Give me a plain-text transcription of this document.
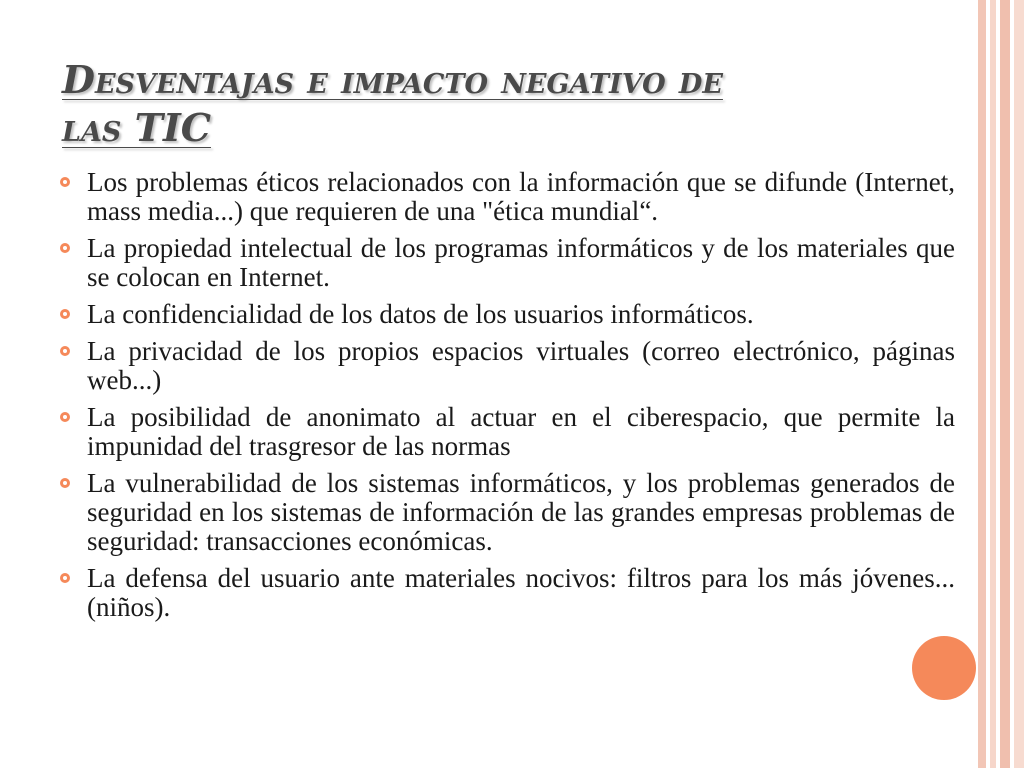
Desventajas e impacto negativo de
las TIC
Los problemas éticos relacionados con la información que se difunde (Internet, mass media...) que requieren de una "ética mundial“.
La propiedad intelectual de los programas informáticos y de los materiales que se colocan en Internet.
La confidencialidad de los datos de los usuarios informáticos.
La privacidad de los propios espacios virtuales (correo electrónico, páginas web...)
La posibilidad de anonimato al actuar en el ciberespacio, que permite la impunidad del trasgresor de las normas
La vulnerabilidad de los sistemas informáticos, y los problemas generados de seguridad en los sistemas de información de las grandes empresas problemas de seguridad: transacciones económicas.
La defensa del usuario ante materiales nocivos: filtros para los más jóvenes...(niños).
